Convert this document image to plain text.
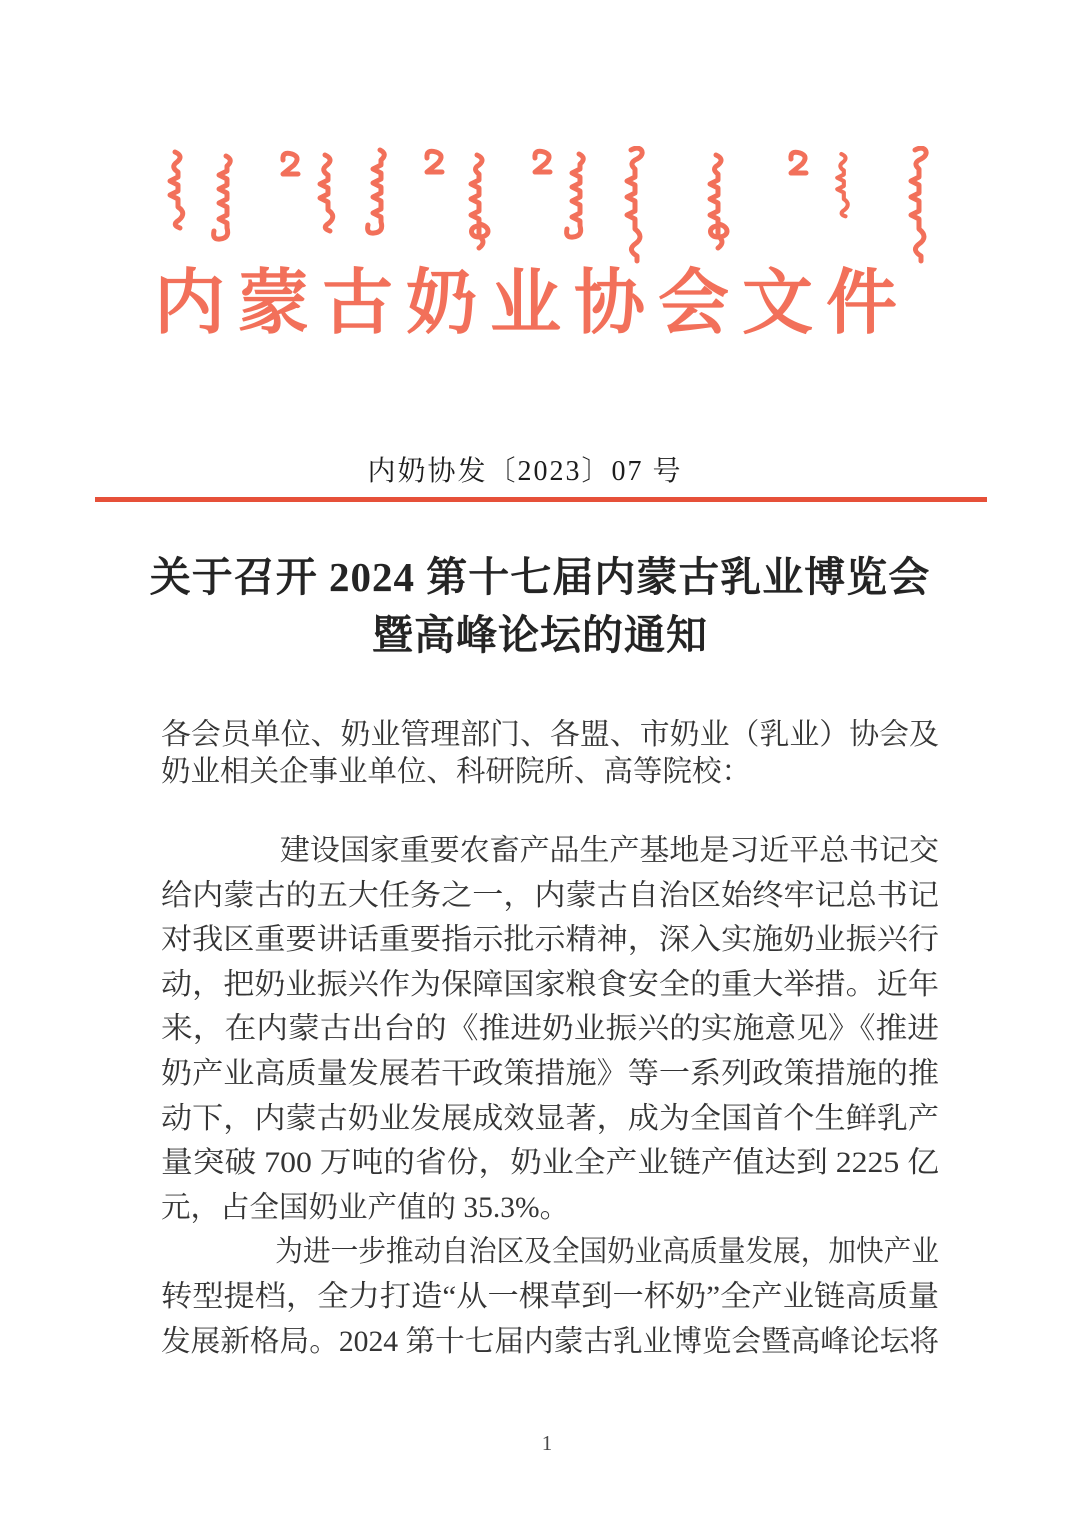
内蒙古奶业协会文件
内奶协发〔2023〕07 号
关于召开 2024 第十七届内蒙古乳业博览会
暨高峰论坛的通知
各会员单位、奶业管理部门、各盟、市奶业（乳业）协会及
奶业相关企事业单位、科研院所、高等院校：
建设国家重要农畜产品生产基地是习近平总书记交
给内蒙古的五大任务之一，内蒙古自治区始终牢记总书记
对我区重要讲话重要指示批示精神，深入实施奶业振兴行
动，把奶业振兴作为保障国家粮食安全的重大举措。近年
来，在内蒙古出台的《推进奶业振兴的实施意见》《推进
奶产业高质量发展若干政策措施》等一系列政策措施的推
动下，内蒙古奶业发展成效显著，成为全国首个生鲜乳产
量突破 700 万吨的省份，奶业全产业链产值达到 2225 亿
元，占全国奶业产值的 35.3%。
为进一步推动自治区及全国奶业高质量发展，加快产业
转型提档，全力打造“从一棵草到一杯奶”全产业链高质量
发展新格局。2024 第十七届内蒙古乳业博览会暨高峰论坛将
1
